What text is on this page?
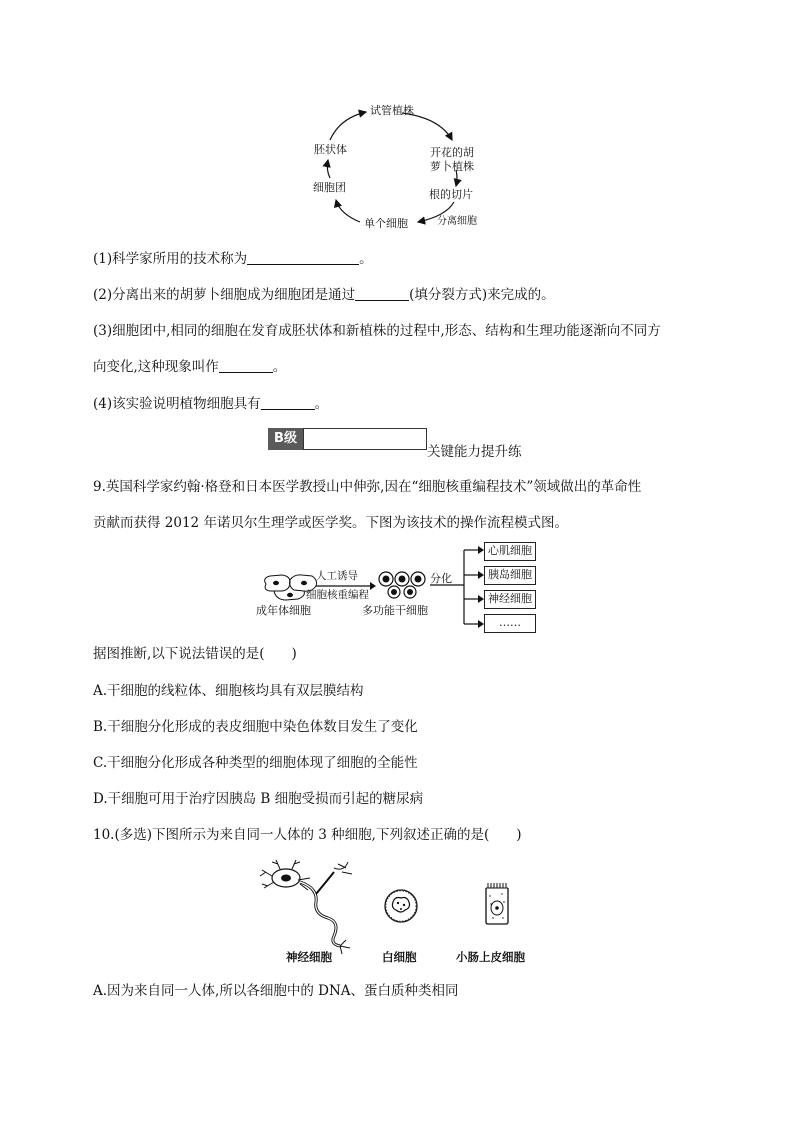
试管植株
开花的胡
萝卜植株
根的切片
分离细胞
单个细胞
细胞团
胚状体
(1)科学家所用的技术称为	。
(2)分离出来的胡萝卜细胞成为细胞团是通过	(填分裂方式)来完成的。
(3)细胞团中,相同的细胞在发育成胚状体和新植株的过程中,形态、结构和生理功能逐渐向不同方
向变化,这种现象叫作	。
(4)该实验说明植物细胞具有	。
B级
关键能力提升练
9.英国科学家约翰·格登和日本医学教授山中伸弥,因在“细胞核重编程技术”领域做出的革命性
贡献而获得 2012 年诺贝尔生理学或医学奖。下图为该技术的操作流程模式图。
人工诱导
细胞核重编程
成年体细胞	多功能干细胞
分化
心肌细胞
胰岛细胞
神经细胞
……
据图推断,以下说法错误的是(　　)
A.干细胞的线粒体、细胞核均具有双层膜结构
B.干细胞分化形成的表皮细胞中染色体数目发生了变化
C.干细胞分化形成各种类型的细胞体现了细胞的全能性
D.干细胞可用于治疗因胰岛 B 细胞受损而引起的糖尿病
10.(多选)下图所示为来自同一人体的 3 种细胞,下列叙述正确的是(　　)
神经细胞	白细胞	小肠上皮细胞
A.因为来自同一人体,所以各细胞中的 DNA、蛋白质种类相同
